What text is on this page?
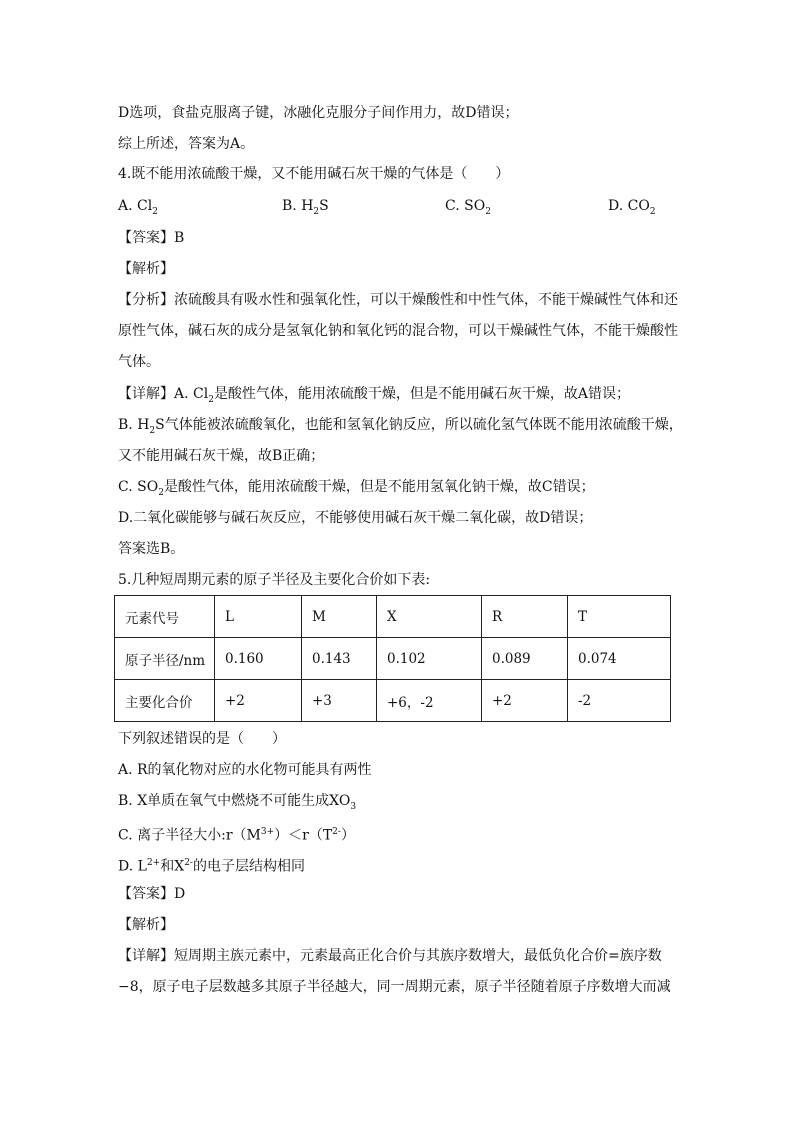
D选项，食盐克服离子键，冰融化克服分子间作用力，故D错误；
综上所述，答案为A。
4.既不能用浓硫酸干燥，又不能用碱石灰干燥的气体是（　　）
A. $Cl_2$	B. $H_2S$	C. $SO_2$	D. $CO_2$
【答案】B
【解析】
【分析】浓硫酸具有吸水性和强氧化性，可以干燥酸性和中性气体，不能干燥碱性气体和还
原性气体，碱石灰的成分是氢氧化钠和氧化钙的混合物，可以干燥碱性气体，不能干燥酸性
气体。
【详解】A. $Cl_2$是酸性气体，能用浓硫酸干燥，但是不能用碱石灰干燥，故A错误；
B. $H_2S$气体能被浓硫酸氧化，也能和氢氧化钠反应，所以硫化氢气体既不能用浓硫酸干燥，
又不能用碱石灰干燥，故B正确；
C. $SO_2$是酸性气体，能用浓硫酸干燥，但是不能用氢氧化钠干燥，故C错误；
D.二氧化碳能够与碱石灰反应，不能够使用碱石灰干燥二氧化碳，故D错误；
答案选B。
5.几种短周期元素的原子半径及主要化合价如下表:
元素代号	L	M	X	R	T
原子半径/nm	0.160	0.143	0.102	0.089	0.074
主要化合价	+2	+3	+6，-2	+2	-2
下列叙述错误的是（　　）
A. R的氧化物对应的水化物可能具有两性
B. X单质在氧气中燃烧不可能生成$XO_3$
C. 离子半径大小$:r(M^{3+})<r(T^{2-})$
D. $L^{2+}$和$X^{2-}$的电子层结构相同
【答案】D
【解析】
【详解】短周期主族元素中，元素最高正化合价与其族序数增大，最低负化合价=族序数
−8，原子电子层数越多其原子半径越大，同一周期元素，原子半径随着原子序数增大而减
